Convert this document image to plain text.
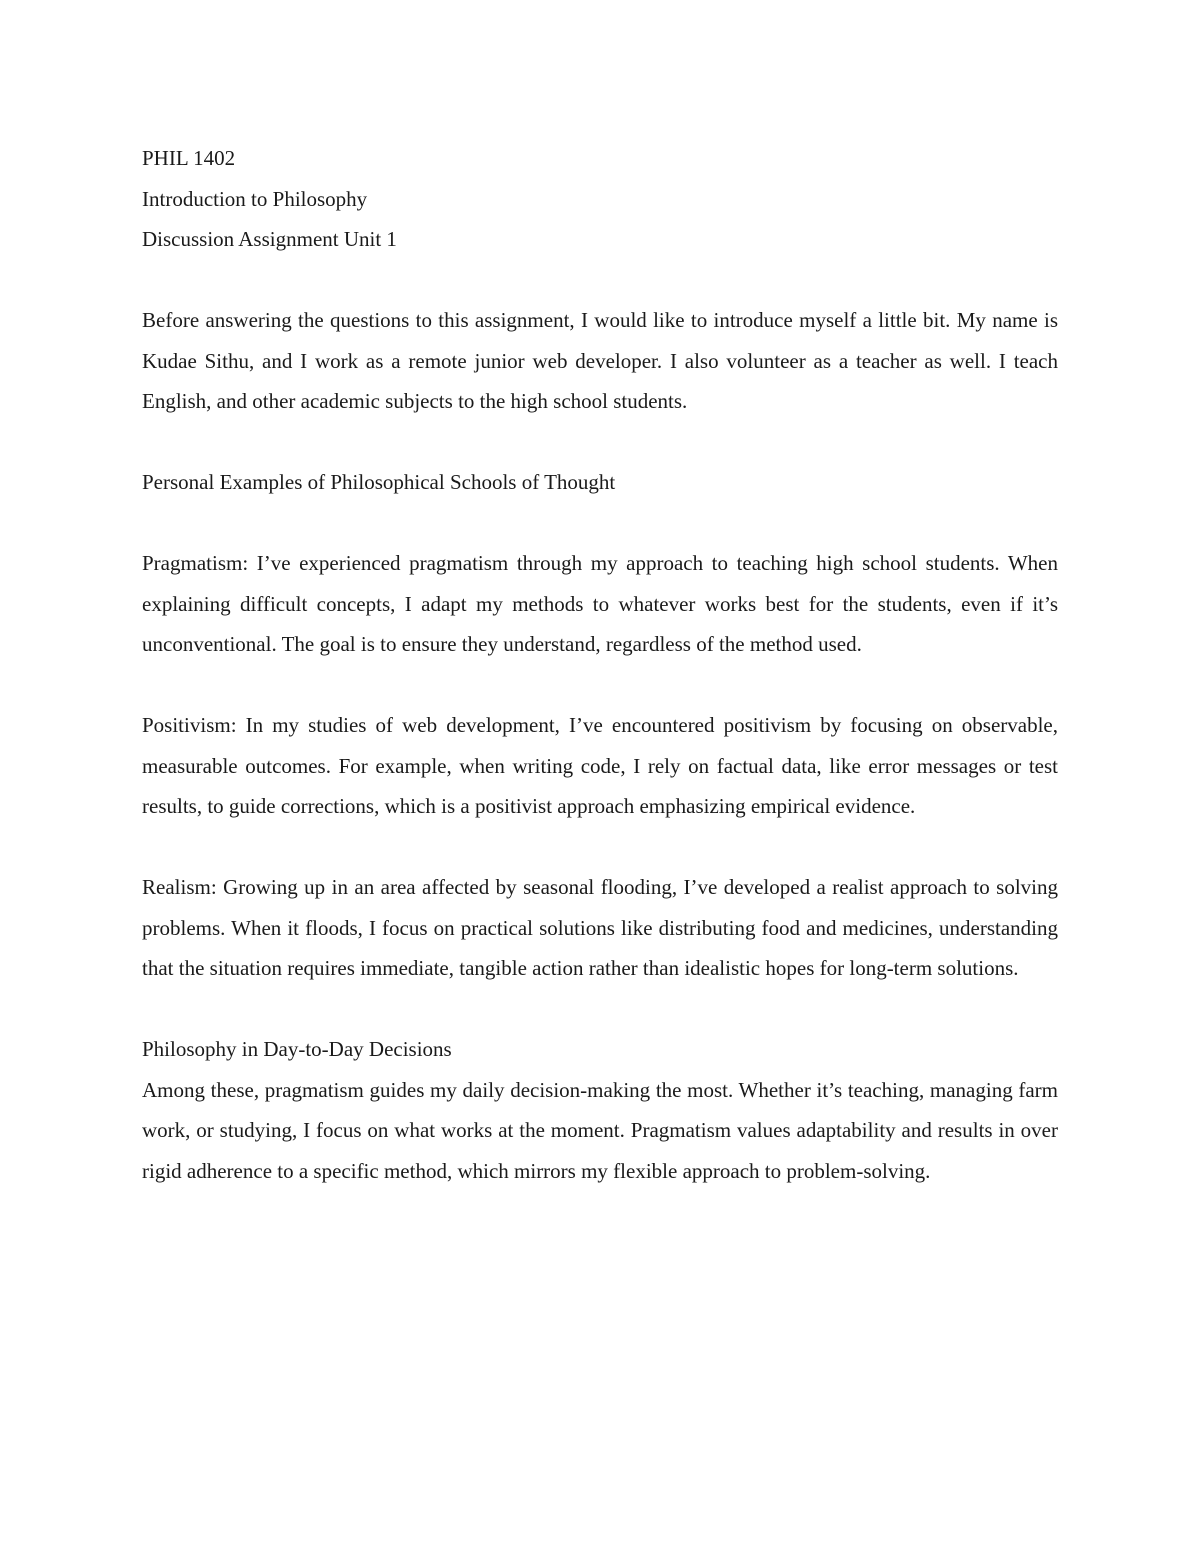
PHIL 1402

Introduction to Philosophy

Discussion Assignment Unit 1

Before answering the questions to this assignment, I would like to introduce myself a little bit. My name is Kudae Sithu, and I work as a remote junior web developer. I also volunteer as a teacher as well. I teach English, and other academic subjects to the high school students.

Personal Examples of Philosophical Schools of Thought

Pragmatism: I’ve experienced pragmatism through my approach to teaching high school students. When explaining difficult concepts, I adapt my methods to whatever works best for the students, even if it’s unconventional. The goal is to ensure they understand, regardless of the method used.

Positivism: In my studies of web development, I’ve encountered positivism by focusing on observable, measurable outcomes. For example, when writing code, I rely on factual data, like error messages or test results, to guide corrections, which is a positivist approach emphasizing empirical evidence.

Realism: Growing up in an area affected by seasonal flooding, I’ve developed a realist approach to solving problems. When it floods, I focus on practical solutions like distributing food and medicines, understanding that the situation requires immediate, tangible action rather than idealistic hopes for long-term solutions.

Philosophy in Day-to-Day Decisions

Among these, pragmatism guides my daily decision-making the most. Whether it’s teaching, managing farm work, or studying, I focus on what works at the moment. Pragmatism values adaptability and results in over rigid adherence to a specific method, which mirrors my flexible approach to problem-solving.
